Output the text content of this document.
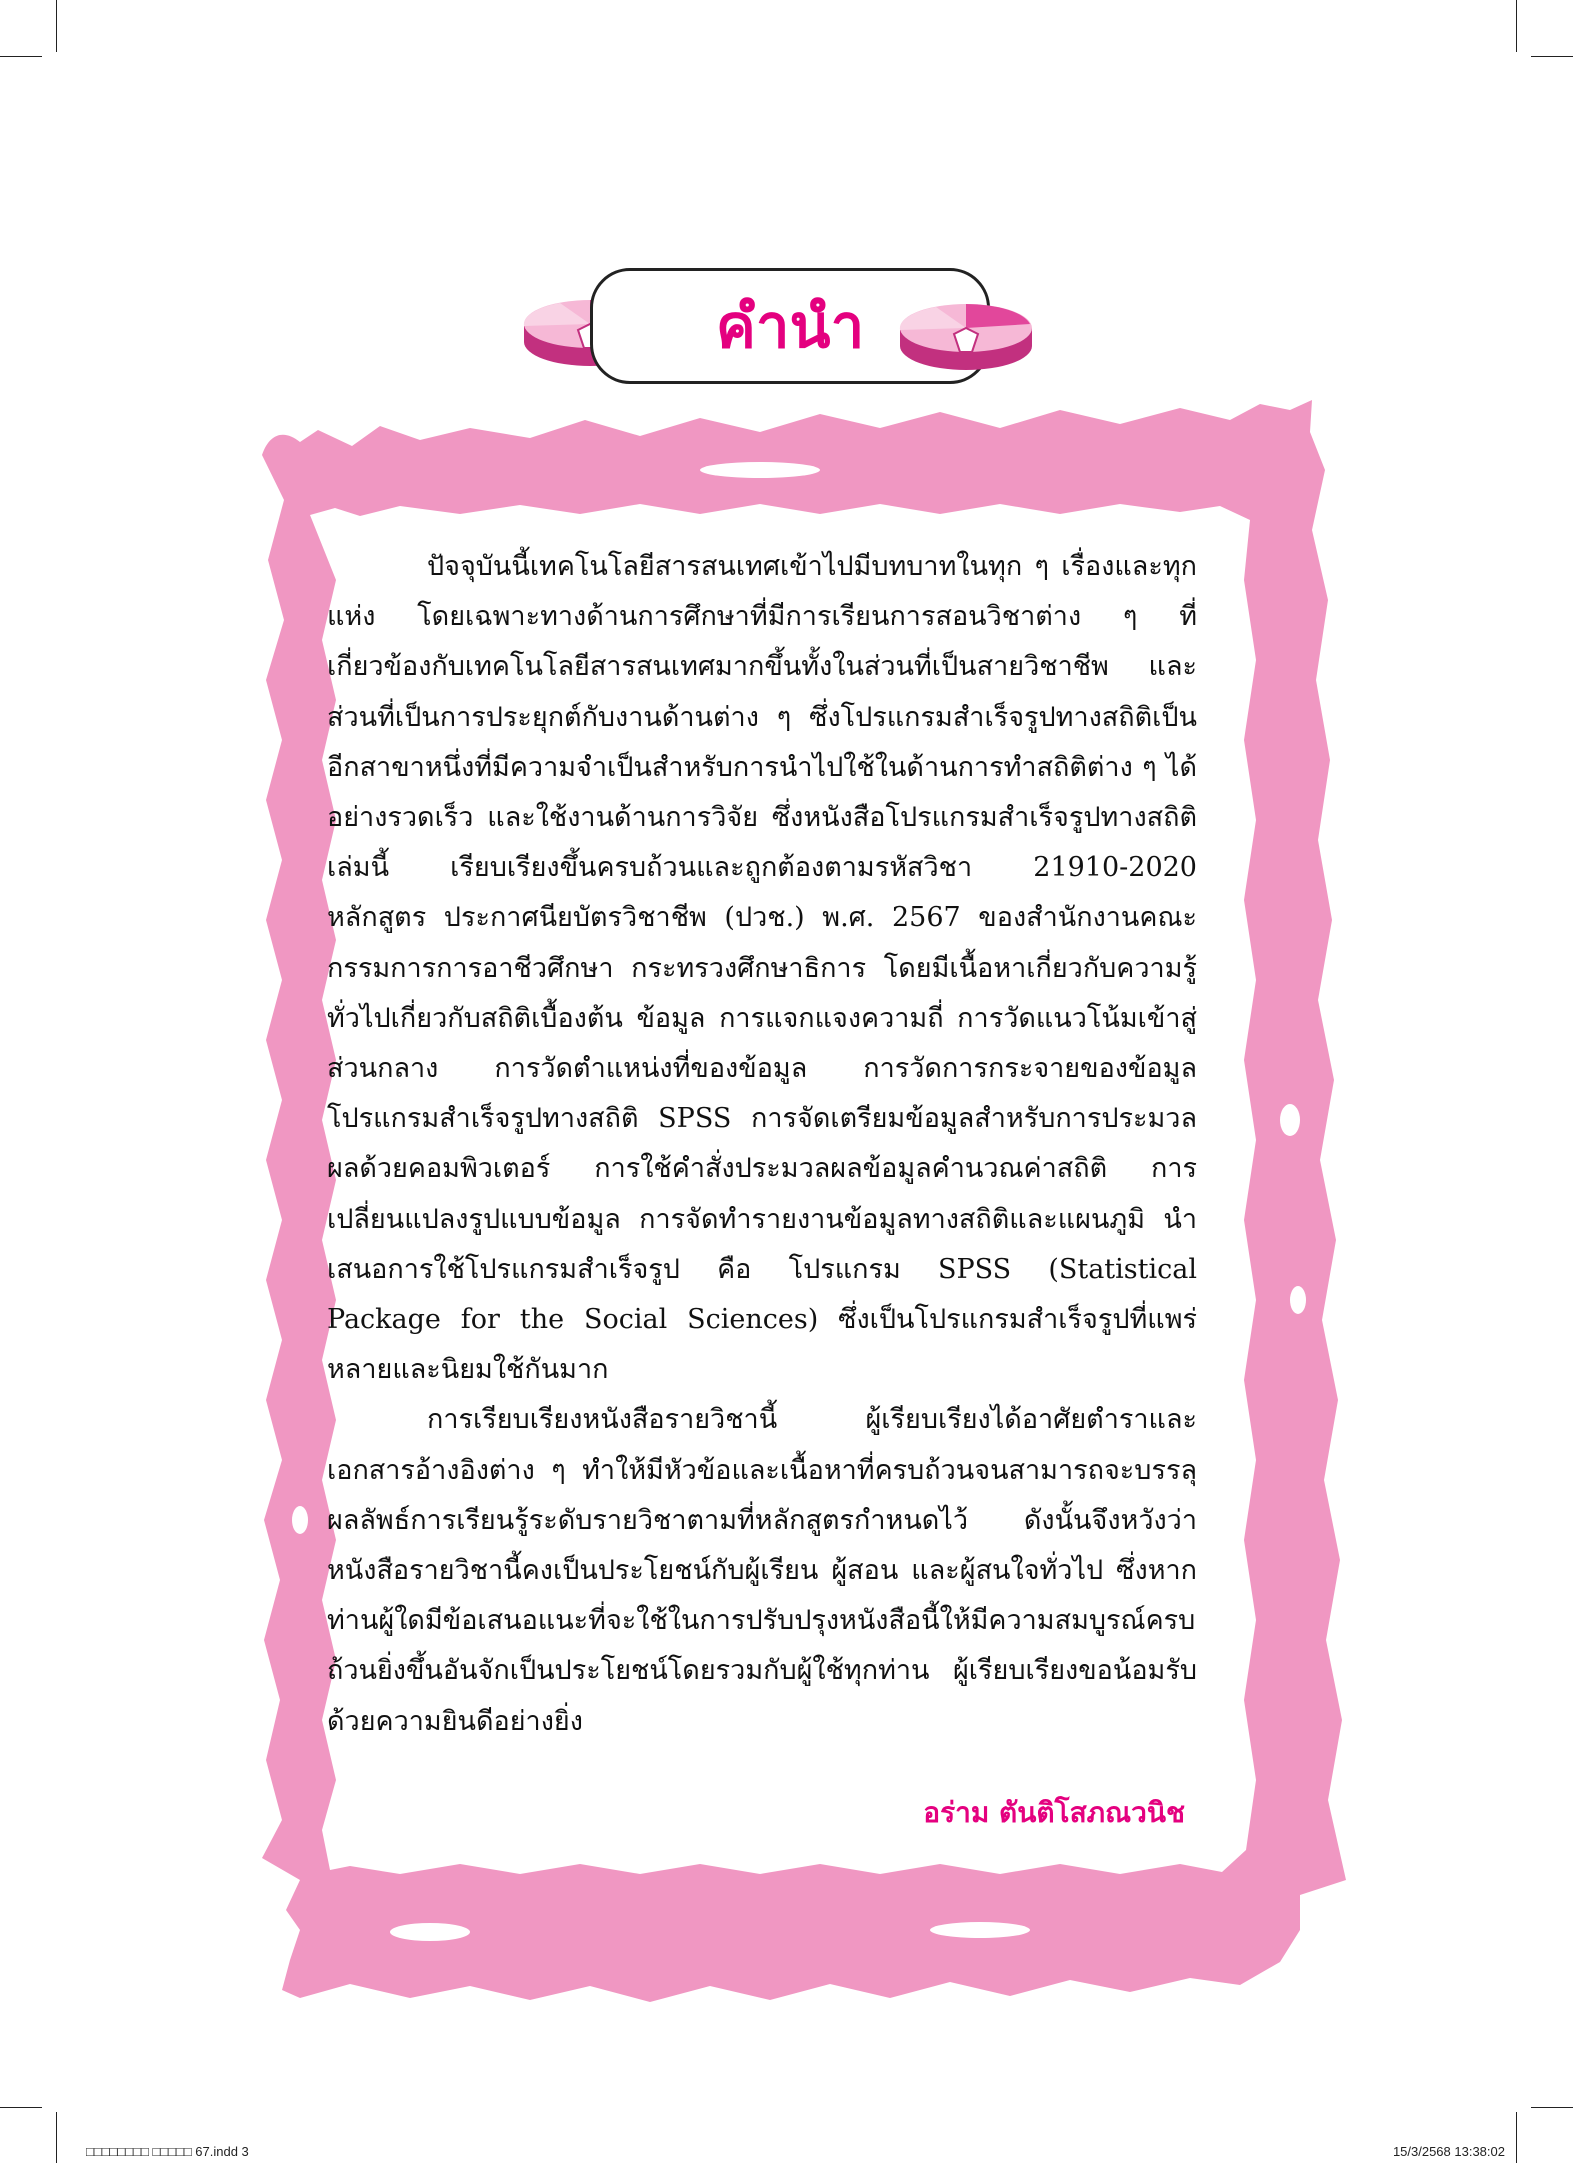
คำนำ

ปัจจุบันนี้เทคโนโลยีสารสนเทศเข้าไปมีบทบาทในทุก ๆ เรื่องและทุกแห่ง โดยเฉพาะทางด้านการศึกษาที่มีการเรียนการสอนวิชาต่าง ๆ ที่เกี่ยวข้องกับเทคโนโลยีสารสนเทศมากขึ้นทั้งในส่วนที่เป็นสายวิชาชีพ และส่วนที่เป็นการประยุกต์กับงานด้านต่าง ๆ ซึ่งโปรแกรมสำเร็จรูปทางสถิติเป็นอีกสาขาหนึ่งที่มีความจำเป็นสำหรับการนำไปใช้ในด้านการทำสถิติต่าง ๆ ได้อย่างรวดเร็ว และใช้งานด้านการวิจัย ซึ่งหนังสือโปรแกรมสำเร็จรูปทางสถิติเล่มนี้ เรียบเรียงขึ้นครบถ้วนและถูกต้องตามรหัสวิชา 21910-2020 หลักสูตร ประกาศนียบัตรวิชาชีพ (ปวช.) พ.ศ. 2567 ของสำนักงานคณะกรรมการการอาชีวศึกษา กระทรวงศึกษาธิการ โดยมีเนื้อหาเกี่ยวกับความรู้ทั่วไปเกี่ยวกับสถิติเบื้องต้น ข้อมูล การแจกแจงความถี่ การวัดแนวโน้มเข้าสู่ส่วนกลาง การวัดตำแหน่งที่ของข้อมูล การวัดการกระจายของข้อมูล โปรแกรมสำเร็จรูปทางสถิติ SPSS การจัดเตรียมข้อมูลสำหรับการประมวลผลด้วยคอมพิวเตอร์ การใช้คำสั่งประมวลผลข้อมูลคำนวณค่าสถิติ การเปลี่ยนแปลงรูปแบบข้อมูล การจัดทำรายงานข้อมูลทางสถิติและแผนภูมิ นำเสนอการใช้โปรแกรมสำเร็จรูป คือ โปรแกรม SPSS (Statistical Package for the Social Sciences) ซึ่งเป็นโปรแกรมสำเร็จรูปที่แพร่หลายและนิยมใช้กันมาก

การเรียบเรียงหนังสือรายวิชานี้ ผู้เรียบเรียงได้อาศัยตำราและเอกสารอ้างอิงต่าง ๆ ทำให้มีหัวข้อและเนื้อหาที่ครบถ้วนจนสามารถจะบรรลุผลลัพธ์การเรียนรู้ระดับรายวิชาตามที่หลักสูตรกำหนดไว้ ดังนั้นจึงหวังว่าหนังสือรายวิชานี้คงเป็นประโยชน์กับผู้เรียน ผู้สอน และผู้สนใจทั่วไป ซึ่งหากท่านผู้ใดมีข้อเสนอแนะที่จะใช้ในการปรับปรุงหนังสือนี้ให้มีความสมบูรณ์ครบถ้วนยิ่งขึ้นอันจักเป็นประโยชน์โดยรวมกับผู้ใช้ทุกท่าน ผู้เรียบเรียงขอน้อมรับด้วยความยินดีอย่างยิ่ง

อร่าม ตันติโสภณวนิช
□□□□□□□□ □□□□□ 67.indd 3	15/3/2568 13:38:02
